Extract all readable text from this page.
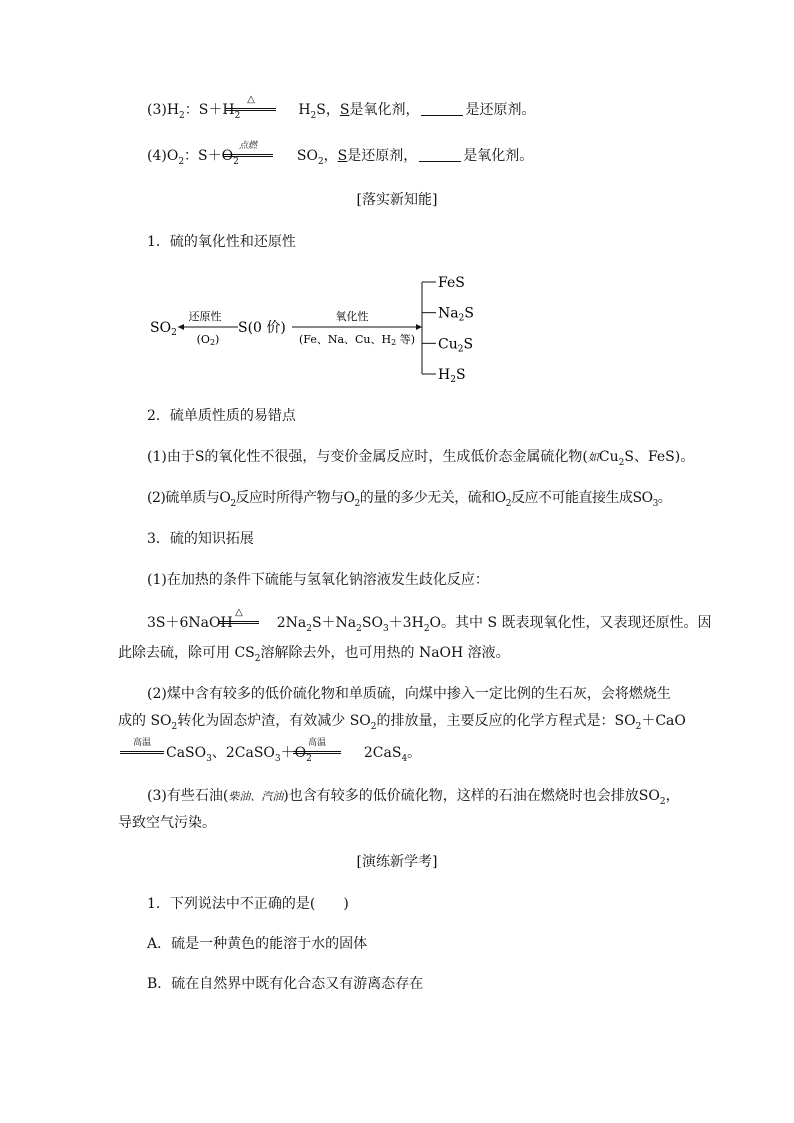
$(3)H_2$：$S+H_2$	$H_2S$，S是氧化剂，	是还原剂。
△
$(4)O_2$：$S+O_2$	$SO_2$，S是还原剂，	是氧化剂。
点燃
[落实新知能]
1．硫的氧化性和还原性
$SO_2$
还原性
(O2)
S(0 价)
氧化性
(Fe、Na、Cu、H2 等)
FeS
$Na_2S$
$Cu_2S$
$H_2S$
2．硫单质性质的易错点
(1)由于S的氧化性不很强，与变价金属反应时，生成低价态金属硫化物(如$Cu_2S$、FeS)。
(2)硫单质与$O_2$反应时所得产物与$O_2$的量的多少无关，硫和$O_2$反应不可能直接生成$SO_3$。
3．硫的知识拓展
(1)在加热的条件下硫能与氢氧化钠溶液发生歧化反应：
3S＋6NaOH	$2Na_2S+Na_2SO_3+3H_2O$。其中 S 既表现氧化性，又表现还原性。因
△
此除去硫，除可用 $CS_2$溶解除去外，也可用热的 NaOH 溶液。
(2)煤中含有较多的低价硫化物和单质硫，向煤中掺入一定比例的生石灰，会将燃烧生
成的 $SO_2$转化为固态炉渣，有效减少 $SO_2$的排放量，主要反应的化学方程式是：$SO_2+CaO$
高温
CaSO$_3$、$2CaSO_3+O_2$	2CaS$_4$。
高温
(3)有些石油(柴油、汽油)也含有较多的低价硫化物，这样的石油在燃烧时也会排放$SO_2$，
导致空气污染。
[演练新学考]
1．下列说法中不正确的是(　　)
A．硫是一种黄色的能溶于水的固体
B．硫在自然界中既有化合态又有游离态存在
